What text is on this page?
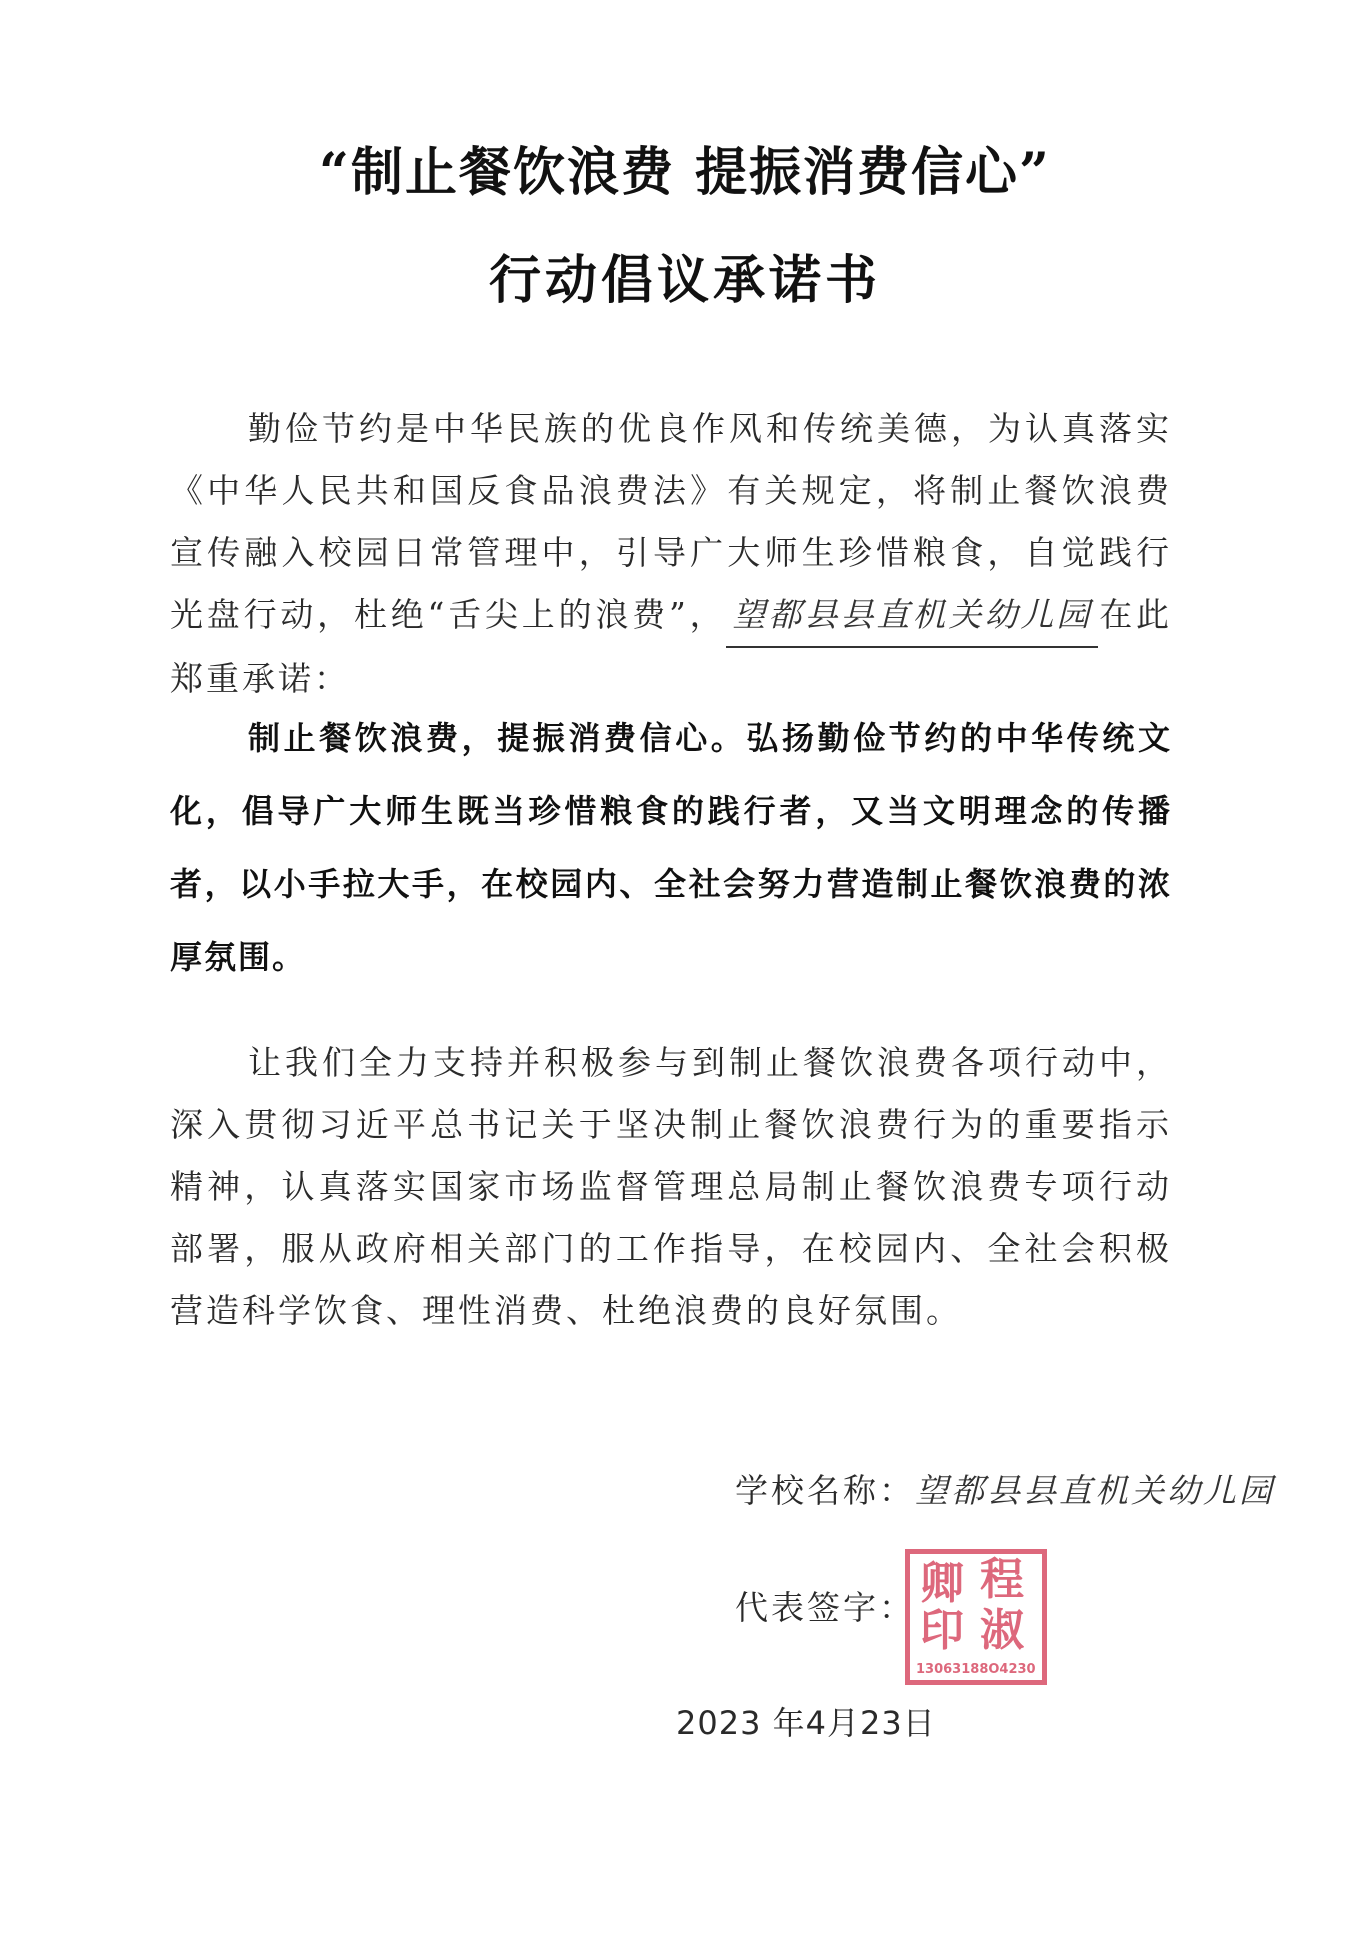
“制止餐饮浪费 提振消费信心”
行动倡议承诺书
勤俭节约是中华民族的优良作风和传统美德，为认真落实《中华人民共和国反食品浪费法》有关规定，将制止餐饮浪费宣传融入校园日常管理中，引导广大师生珍惜粮食，自觉践行光盘行动，杜绝“舌尖上的浪费”， 望都县县直机关幼儿园 在此郑重承诺：
制止餐饮浪费，提振消费信心。弘扬勤俭节约的中华传统文化，倡导广大师生既当珍惜粮食的践行者，又当文明理念的传播者，以小手拉大手，在校园内、全社会努力营造制止餐饮浪费的浓厚氛围。
让我们全力支持并积极参与到制止餐饮浪费各项行动中，深入贯彻习近平总书记关于坚决制止餐饮浪费行为的重要指示精神，认真落实国家市场监督管理总局制止餐饮浪费专项行动部署，服从政府相关部门的工作指导，在校园内、全社会积极营造科学饮食、理性消费、杜绝浪费的良好氛围。
学校名称：望都县县直机关幼儿园
代表签字： 卿 程
印 淑
13063188O4230
2023 年4月23日
